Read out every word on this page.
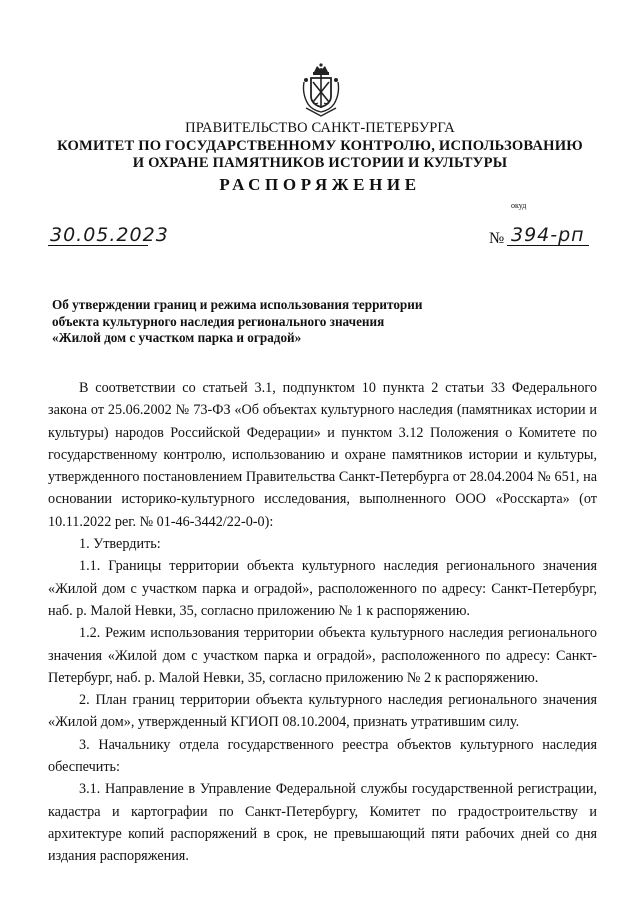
ПРАВИТЕЛЬСТВО САНКТ-ПЕТЕРБУРГА
КОМИТЕТ ПО ГОСУДАРСТВЕННОМУ КОНТРОЛЮ, ИСПОЛЬЗОВАНИЮ
И ОХРАНЕ ПАМЯТНИКОВ ИСТОРИИ И КУЛЬТУРЫ
РАСПОРЯЖЕНИЕ
окуд
30.05.2023	№ 394-рп
Об утверждении границ и режима использования территории
объекта культурного наследия регионального значения
«Жилой дом с участком парка и оградой»

В соответствии со статьей 3.1, подпунктом 10 пункта 2 статьи 33 Федерального закона от 25.06.2002 № 73-ФЗ «Об объектах культурного наследия (памятниках истории и культуры) народов Российской Федерации» и пунктом 3.12 Положения о Комитете по государственному контролю, использованию и охране памятников истории и культуры, утвержденного постановлением Правительства Санкт-Петербурга от 28.04.2004 № 651, на основании историко-культурного исследования, выполненного ООО «Росскарта» (от 10.11.2022 рег. № 01-46-3442/22-0-0):

1. Утвердить:

1.1. Границы территории объекта культурного наследия регионального значения «Жилой дом с участком парка и оградой», расположенного по адресу: Санкт-Петербург, наб. р. Малой Невки, 35, согласно приложению № 1 к распоряжению.

1.2. Режим использования территории объекта культурного наследия регионального значения «Жилой дом с участком парка и оградой», расположенного по адресу: Санкт-Петербург, наб. р. Малой Невки, 35, согласно приложению № 2 к распоряжению.

2. План границ территории объекта культурного наследия регионального значения «Жилой дом», утвержденный КГИОП 08.10.2004, признать утратившим силу.

3. Начальнику отдела государственного реестра объектов культурного наследия обеспечить:

3.1. Направление в Управление Федеральной службы государственной регистрации, кадастра и картографии по Санкт-Петербургу, Комитет по градостроительству и архитектуре копий распоряжений в срок, не превышающий пяти рабочих дней со дня издания распоряжения.
